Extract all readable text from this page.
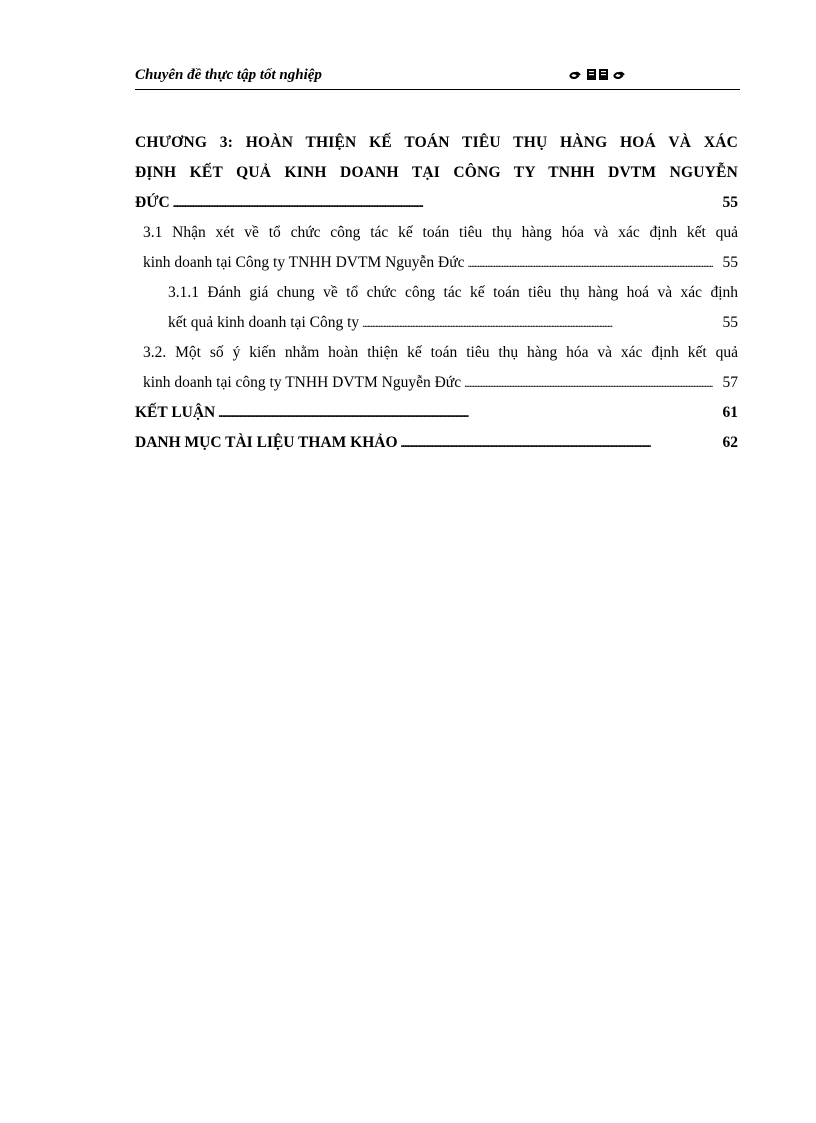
Chuyên đề thực tập tốt nghiệp
CHƯƠNG 3: HOÀN THIỆN KẾ TOÁN TIÊU THỤ HÀNG HOÁ VÀ XÁC
ĐỊNH KẾT QUẢ KINH DOANH TẠI CÔNG TY TNHH DVTM NGUYỄN
ĐỨC . . .	55
3.1 Nhận xét về tổ chức công tác kế toán tiêu thụ hàng hóa và xác định kết quả
kinh doanh tại Công ty TNHH DVTM Nguyễn Đức . . .	55
3.1.1 Đánh giá chung về tổ chức công tác kế toán tiêu thụ hàng hoá và xác định
kết quả kinh doanh tại Công ty . . .	55
3.2. Một số ý kiến nhằm hoàn thiện kế toán tiêu thụ hàng hóa và xác định kết quả
kinh doanh tại công ty TNHH DVTM Nguyễn Đức . . .	57
KẾT LUẬN . . .	61
DANH MỤC TÀI LIỆU THAM KHẢO . . .	62
